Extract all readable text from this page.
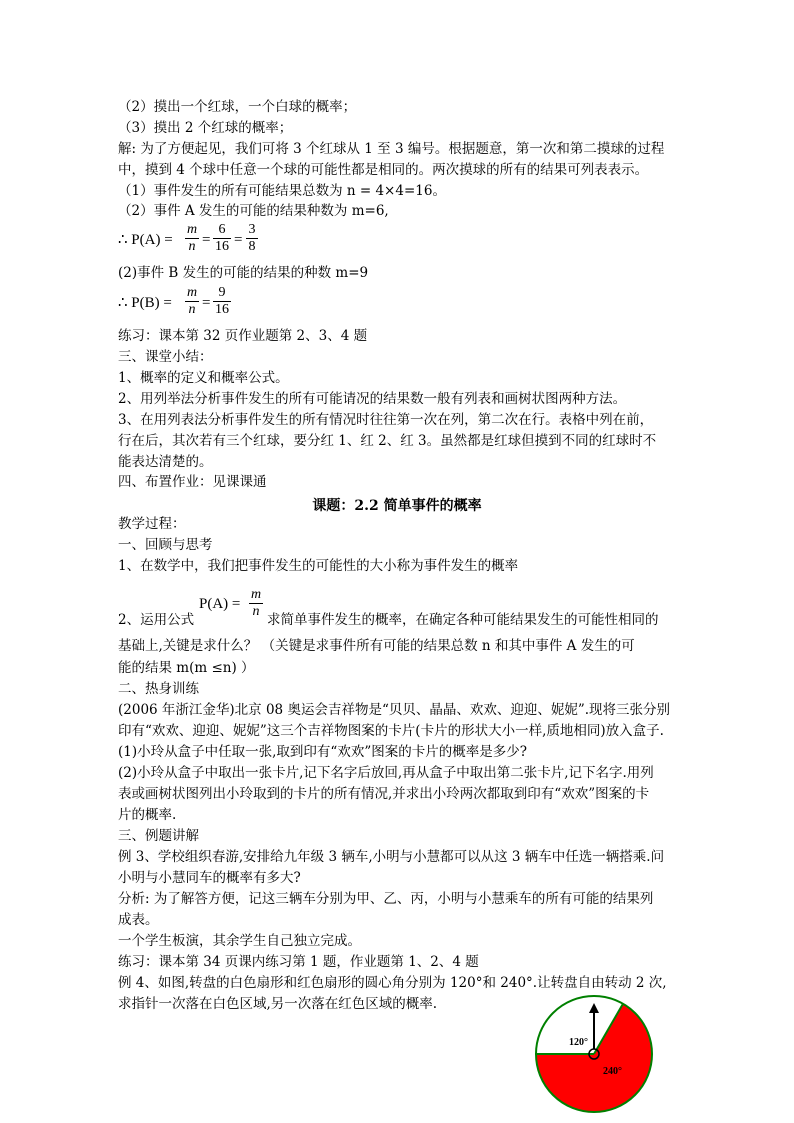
（2）摸出一个红球，一个白球的概率；
（3）摸出 2 个红球的概率；
解: 为了方便起见，我们可将 3 个红球从 1 至 3 编号。根据题意，第一次和第二摸球的过程
中，摸到 4 个球中任意一个球的可能性都是相同的。两次摸球的所有的结果可列表表示。
（1）事件发生的所有可能结果总数为 n = 4×4=16。
（2）事件 A 发生的可能的结果种数为 m=6,
∴ $P(A) = \frac{m}{n} = \frac{6}{16} = \frac{3}{8}$
(2)事件 B 发生的可能的结果的种数 m=9
∴ $P(B) = \frac{m}{n} = \frac{9}{16}$
练习：课本第 32 页作业题第 2、3、4 题
三、课堂小结：
1、概率的定义和概率公式。
2、用列举法分析事件发生的所有可能请况的结果数一般有列表和画树状图两种方法。
3、在用列表法分析事件发生的所有情况时往往第一次在列，第二次在行。表格中列在前，
行在后，其次若有三个红球，要分红 1、红 2、红 3。虽然都是红球但摸到不同的红球时不
能表达清楚的。
四、布置作业：见课课通
课题：2.2 简单事件的概率
教学过程：
一、回顾与思考
1、在数学中，我们把事件发生的可能性的大小称为事件发生的概率
$P(A) = \frac{m}{n}$
2、运用公式	求简单事件发生的概率，在确定各种可能结果发生的可能性相同的
基础上,关键是求什么？ （关键是求事件所有可能的结果总数 n 和其中事件 A 发生的可
能的结果 m(m ≤n) ）
二、热身训练
(2006 年浙江金华)北京 08 奥运会吉祥物是“贝贝、晶晶、欢欢、迎迎、妮妮”.现将三张分别
印有“欢欢、迎迎、妮妮”这三个吉祥物图案的卡片(卡片的形状大小一样,质地相同)放入盒子.
(1)小玲从盒子中任取一张,取到印有“欢欢”图案的卡片的概率是多少?
(2)小玲从盒子中取出一张卡片,记下名字后放回,再从盒子中取出第二张卡片,记下名字.用列
表或画树状图列出小玲取到的卡片的所有情况,并求出小玲两次都取到印有“欢欢”图案的卡
片的概率.
三、例题讲解
例 3、学校组织春游,安排给九年级 3 辆车,小明与小慧都可以从这 3 辆车中任选一辆搭乘.问
小明与小慧同车的概率有多大?
分析: 为了解答方便，记这三辆车分别为甲、乙、丙，小明与小慧乘车的所有可能的结果列
成表。
一个学生板演，其余学生自己独立完成。
练习：课本第 34 页课内练习第 1 题，作业题第 1、2、4 题
例 4、如图,转盘的白色扇形和红色扇形的圆心角分别为 120°和 240°.让转盘自由转动 2 次,
求指针一次落在白色区域,另一次落在红色区域的概率.
120°
240°
